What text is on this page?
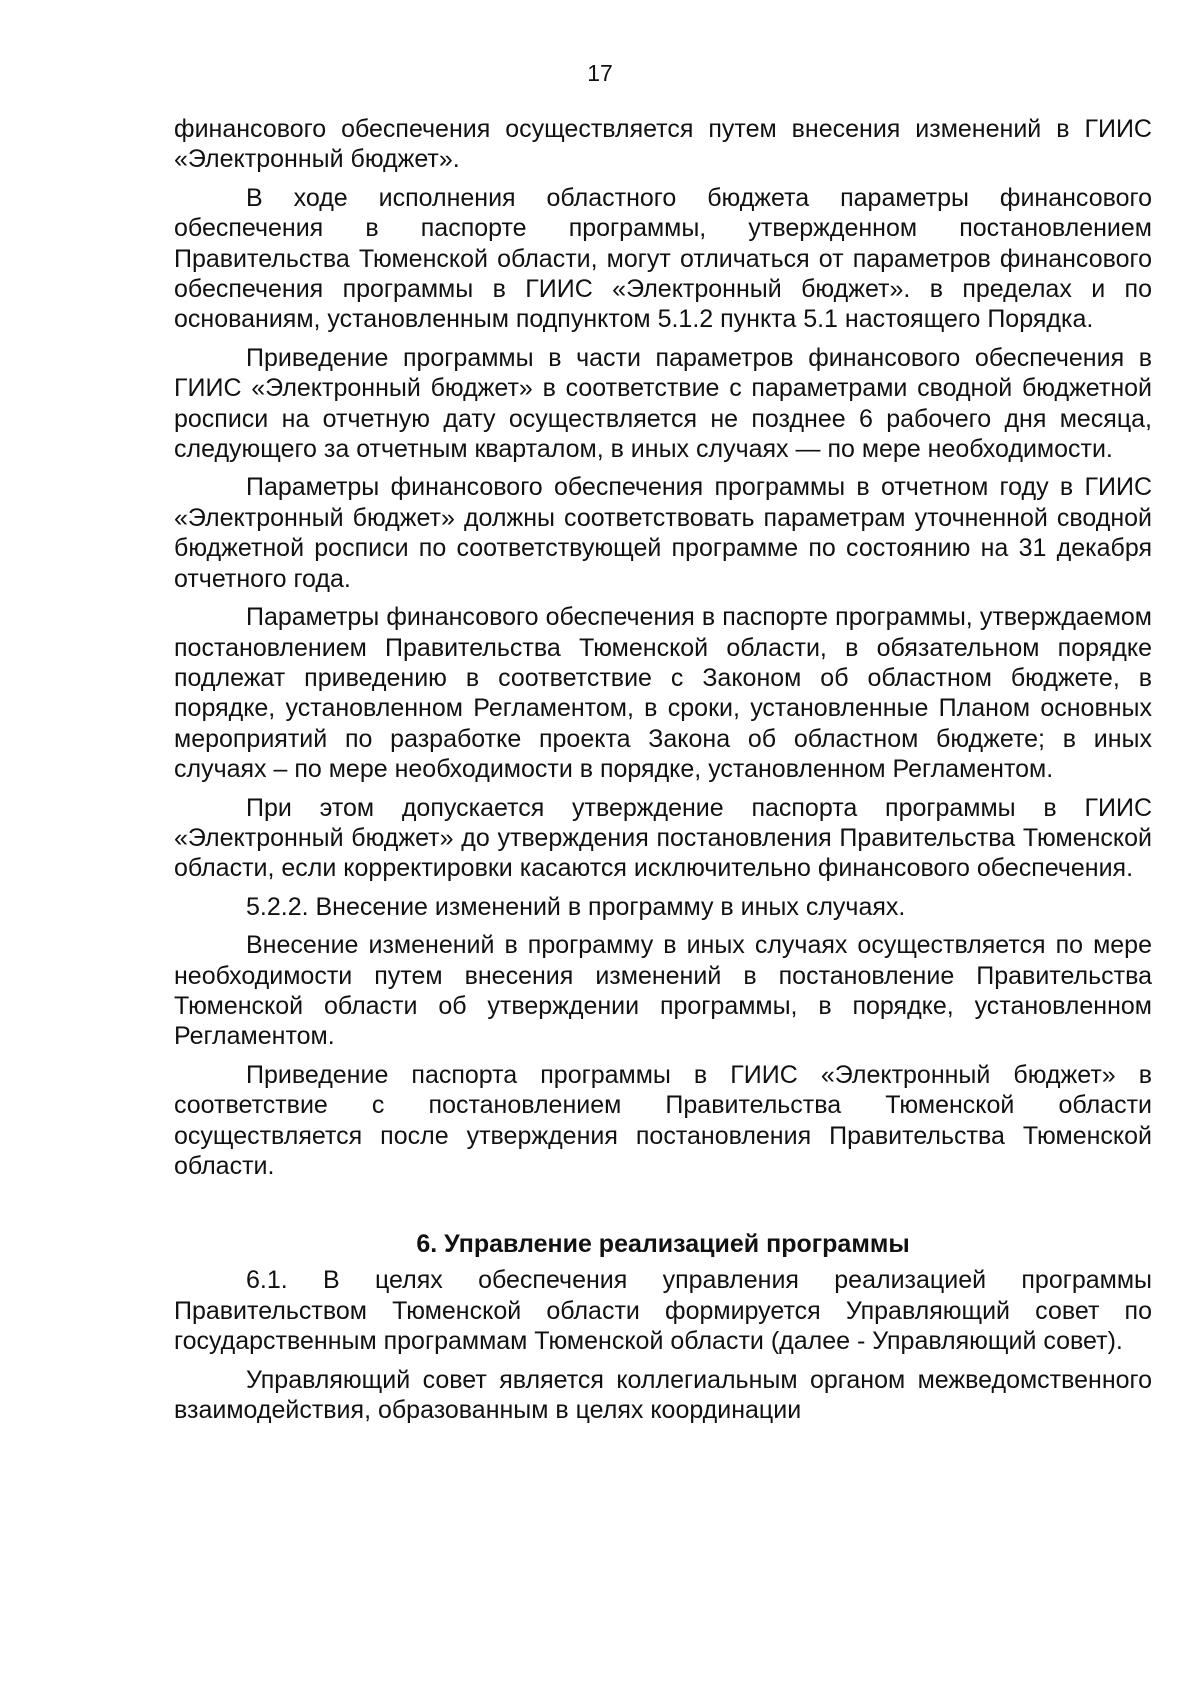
17

финансового обеспечения осуществляется путем внесения изменений в ГИИС «Электронный бюджет».

В ходе исполнения областного бюджета параметры финансового обеспечения в паспорте программы, утвержденном постановлением Правительства Тюменской области, могут отличаться от параметров финансового обеспечения программы в ГИИС «Электронный бюджет». в пределах и по основаниям, установленным подпунктом 5.1.2 пункта 5.1 настоящего Порядка.

Приведение программы в части параметров финансового обеспечения в ГИИС «Электронный бюджет» в соответствие с параметрами сводной бюджетной росписи на отчетную дату осуществляется не позднее 6 рабочего дня месяца, следующего за отчетным кварталом, в иных случаях — по мере необходимости.

Параметры финансового обеспечения программы в отчетном году в ГИИС «Электронный бюджет» должны соответствовать параметрам уточненной сводной бюджетной росписи по соответствующей программе по состоянию на 31 декабря отчетного года.

Параметры финансового обеспечения в паспорте программы, утверждаемом постановлением Правительства Тюменской области, в обязательном порядке подлежат приведению в соответствие с Законом об областном бюджете, в порядке, установленном Регламентом, в сроки, установленные Планом основных мероприятий по разработке проекта Закона об областном бюджете; в иных случаях – по мере необходимости в порядке, установленном Регламентом.

При этом допускается утверждение паспорта программы в ГИИС «Электронный бюджет» до утверждения постановления Правительства Тюменской области, если корректировки касаются исключительно финансового обеспечения.

5.2.2. Внесение изменений в программу в иных случаях.

Внесение изменений в программу в иных случаях осуществляется по мере необходимости путем внесения изменений в постановление Правительства Тюменской области об утверждении программы, в порядке, установленном Регламентом.

Приведение паспорта программы в ГИИС «Электронный бюджет» в соответствие с постановлением Правительства Тюменской области осуществляется после утверждения постановления Правительства Тюменской области.

6. Управление реализацией программы

6.1. В целях обеспечения управления реализацией программы Правительством Тюменской области формируется Управляющий совет по государственным программам Тюменской области (далее - Управляющий совет).

Управляющий совет является коллегиальным органом межведомственного взаимодействия, образованным в целях координации
